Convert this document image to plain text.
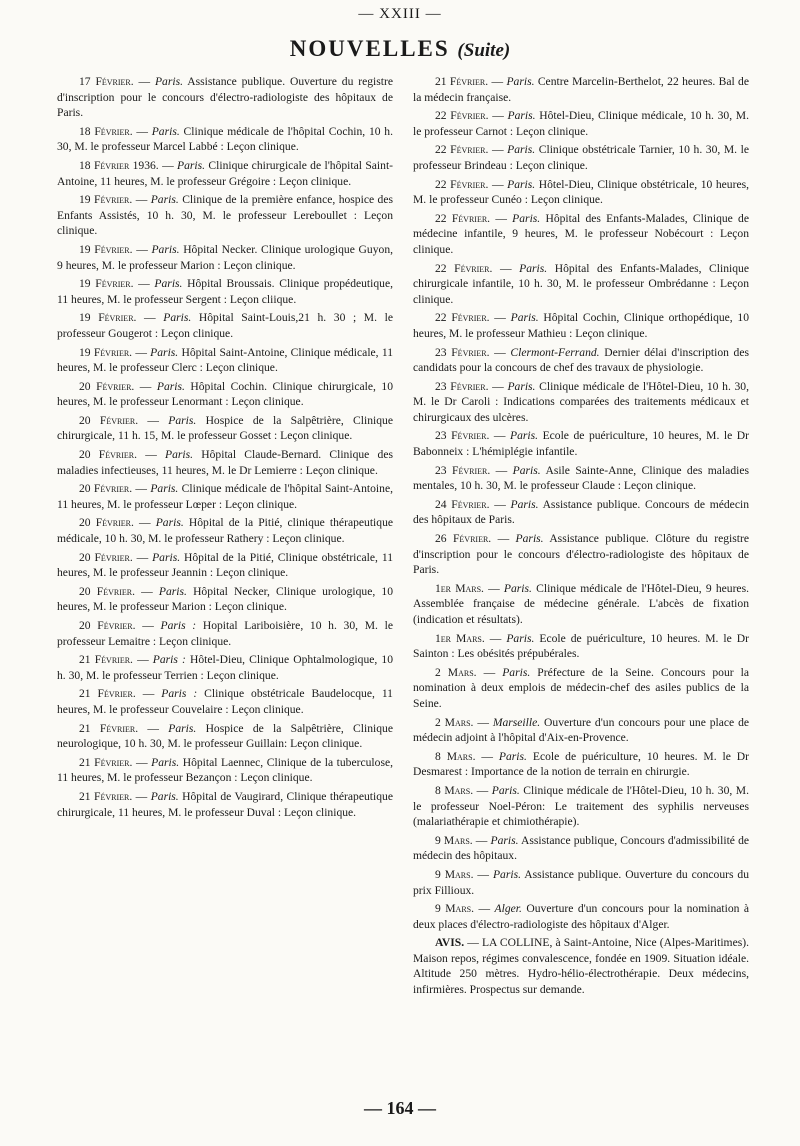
— XXIII —
NOUVELLES (Suite)

17 Février. — Paris. Assistance publique. Ouverture du registre d'inscription pour le concours d'électro-radiologiste des hôpitaux de Paris.

18 Février. — Paris. Clinique médicale de l'hôpital Cochin, 10 h. 30, M. le professeur Marcel Labbé : Leçon clinique.

18 Février 1936. — Paris. Clinique chirurgicale de l'hôpital Saint-Antoine, 11 heures, M. le professeur Grégoire : Leçon clinique.

19 Février. — Paris. Clinique de la première enfance, hospice des Enfants Assistés, 10 h. 30, M. le professeur Lereboullet : Leçon clinique.

19 Février. — Paris. Hôpital Necker. Clinique urologique Guyon, 9 heures, M. le professeur Marion : Leçon clinique.

19 Février. — Paris. Hôpital Broussais. Clinique propédeutique, 11 heures, M. le professeur Sergent : Leçon cliique.

19 Février. — Paris. Hôpital Saint-Louis,21 h. 30 ; M. le professeur Gougerot : Leçon clinique.

19 Février. — Paris. Hôpital Saint-Antoine, Clinique médicale, 11 heures, M. le professeur Clerc : Leçon clinique.

20 Février. — Paris. Hôpital Cochin. Clinique chirurgicale, 10 heures, M. le professeur Lenormant : Leçon clinique.

20 Février. — Paris. Hospice de la Salpêtrière, Clinique chirurgicale, 11 h. 15, M. le professeur Gosset : Leçon clinique.

20 Février. — Paris. Hôpital Claude-Bernard. Clinique des maladies infectieuses, 11 heures, M. le Dr Lemierre : Leçon clinique.

20 Février. — Paris. Clinique médicale de l'hôpital Saint-Antoine, 11 heures, M. le professeur Lœper : Leçon clinique.

20 Février. — Paris. Hôpital de la Pitié, clinique thérapeutique médicale, 10 h. 30, M. le professeur Rathery : Leçon clinique.

20 Février. — Paris. Hôpital de la Pitié, Clinique obstétricale, 11 heures, M. le professeur Jeannin : Leçon clinique.

20 Février. — Paris. Hôpital Necker, Clinique urologique, 10 heures, M. le professeur Marion : Leçon clinique.

20 Février. — Paris : Hopital Lariboisière, 10 h. 30, M. le professeur Lemaitre : Leçon clinique.

21 Février. — Paris : Hôtel-Dieu, Clinique Ophtalmologique, 10 h. 30, M. le professeur Terrien : Leçon clinique.

21 Février. — Paris : Clinique obstétricale Baudelocque, 11 heures, M. le professeur Couvelaire : Leçon clinique.

21 Février. — Paris. Hospice de la Salpêtrière, Clinique neurologique, 10 h. 30, M. le professeur Guillain: Leçon clinique.

21 Février. — Paris. Hôpital Laennec, Clinique de la tuberculose, 11 heures, M. le professeur Bezançon : Leçon clinique.

21 Février. — Paris. Hôpital de Vaugirard, Clinique thérapeutique chirurgicale, 11 heures, M. le professeur Duval : Leçon clinique.

21 Février. — Paris. Centre Marcelin-Berthelot, 22 heures. Bal de la médecin française.

22 Février. — Paris. Hôtel-Dieu, Clinique médicale, 10 h. 30, M. le professeur Carnot : Leçon clinique.

22 Février. — Paris. Clinique obstétricale Tarnier, 10 h. 30, M. le professeur Brindeau : Leçon clinique.

22 Février. — Paris. Hôtel-Dieu, Clinique obstétricale, 10 heures, M. le professeur Cunéo : Leçon clinique.

22 Février. — Paris. Hôpital des Enfants-Malades, Clinique de médecine infantile, 9 heures, M. le professeur Nobécourt : Leçon clinique.

22 Février. — Paris. Hôpital des Enfants-Malades, Clinique chirurgicale infantile, 10 h. 30, M. le professeur Ombrédanne : Leçon clinique.

22 Février. — Paris. Hôpital Cochin, Clinique orthopédique, 10 heures, M. le professeur Mathieu : Leçon clinique.

23 Février. — Clermont-Ferrand. Dernier délai d'inscription des candidats pour la concours de chef des travaux de physiologie.

23 Février. — Paris. Clinique médicale de l'Hôtel-Dieu, 10 h. 30, M. le Dr Caroli : Indications comparées des traitements médicaux et chirurgicaux des ulcères.

23 Février. — Paris. Ecole de puériculture, 10 heures, M. le Dr Babonneix : L'hémiplégie infantile.

23 Février. — Paris. Asile Sainte-Anne, Clinique des maladies mentales, 10 h. 30, M. le professeur Claude : Leçon clinique.

24 Février. — Paris. Assistance publique. Concours de médecin des hôpitaux de Paris.

26 Février. — Paris. Assistance publique. Clôture du registre d'inscription pour le concours d'électro-radiologiste des hôpitaux de Paris.

1er Mars. — Paris. Clinique médicale de l'Hôtel-Dieu, 9 heures. Assemblée française de médecine générale. L'abcès de fixation (indication et résultats).

1er Mars. — Paris. Ecole de puériculture, 10 heures. M. le Dr Sainton : Les obésités prépubérales.

2 Mars. — Paris. Préfecture de la Seine. Concours pour la nomination à deux emplois de médecin-chef des asiles publics de la Seine.

2 Mars. — Marseille. Ouverture d'un concours pour une place de médecin adjoint à l'hôpital d'Aix-en-Provence.

8 Mars. — Paris. Ecole de puériculture, 10 heures. M. le Dr Desmarest : Importance de la notion de terrain en chirurgie.

8 Mars. — Paris. Clinique médicale de l'Hôtel-Dieu, 10 h. 30, M. le professeur Noel-Péron: Le traitement des syphilis nerveuses (malariathérapie et chimiothérapie).

9 Mars. — Paris. Assistance publique, Concours d'admissibilité de médecin des hôpitaux.

9 Mars. — Paris. Assistance publique. Ouverture du concours du prix Fillioux.

9 Mars. — Alger. Ouverture d'un concours pour la nomination à deux places d'électro-radiologiste des hôpitaux d'Alger.

AVIS. — LA COLLINE, à Saint-Antoine, Nice (Alpes-Maritimes). Maison repos, régimes convalescence, fondée en 1909. Situation idéale. Altitude 250 mètres. Hydro-hélio-électrothérapie. Deux médecins, infirmières. Prospectus sur demande.

— 164 —
